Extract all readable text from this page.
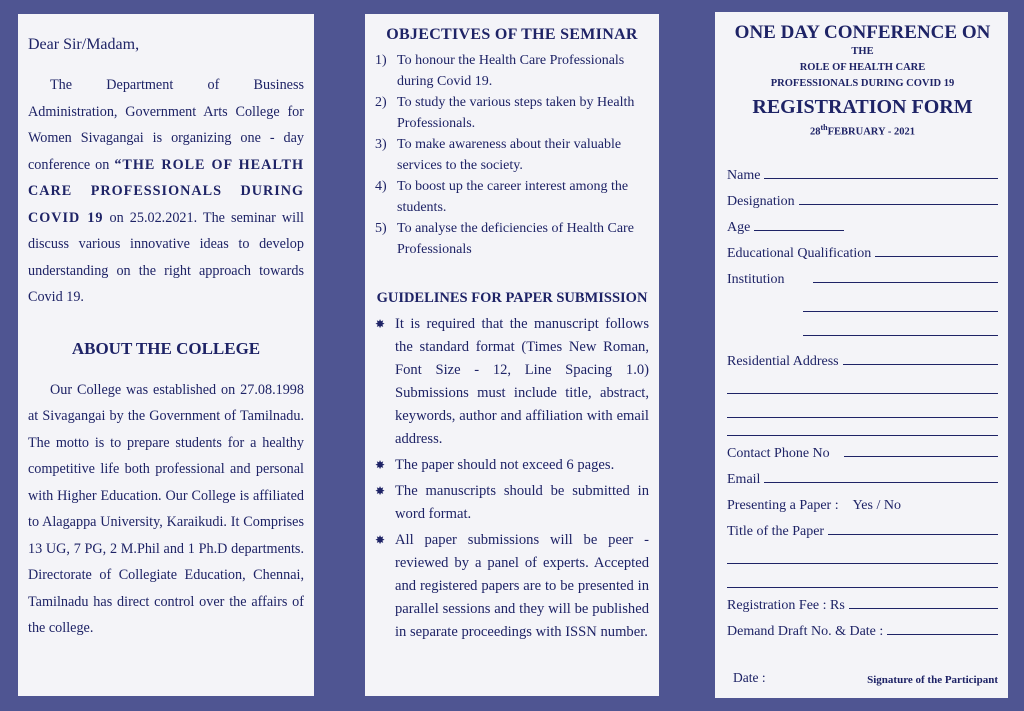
Dear Sir/Madam,

The Department of Business Administration, Government Arts College for Women Sivagangai is organizing one - day conference on “THE ROLE OF HEALTH CARE PROFESSIONALS DURING COVID 19 on 25.02.2021. The seminar will discuss various innovative ideas to develop understanding on the right approach towards Covid 19.

ABOUT THE COLLEGE

Our College was established on 27.08.1998 at Sivagangai by the Government of Tamilnadu. The motto is to prepare students for a healthy competitive life both professional and personal with Higher Education. Our College is affiliated to Alagappa University, Karaikudi. It Comprises 13 UG, 7 PG, 2 M.Phil and 1 Ph.D departments. Directorate of Collegiate Education, Chennai, Tamilnadu has direct control over the affairs of the college.

OBJECTIVES OF THE SEMINAR

1) To honour the Health Care Professionals during Covid 19.
2) To study the various steps taken by Health Professionals.
3) To make awareness about their valuable services to the society.
4) To boost up the career interest among the students.
5) To analyse the deficiencies of Health Care Professionals

GUIDELINES FOR PAPER SUBMISSION

✸ It is required that the manuscript follows the standard format (Times New Roman, Font Size - 12, Line Spacing 1.0) Submissions must include title, abstract, keywords, author and affiliation with email address.
✸ The paper should not exceed 6 pages.
✸ The manuscripts should be submitted in word format.
✸ All paper submissions will be peer - reviewed by a panel of experts. Accepted and registered papers are to be presented in parallel sessions and they will be published in separate proceedings with ISSN number.

ONE DAY CONFERENCE ON

THE
ROLE OF HEALTH CARE
PROFESSIONALS DURING COVID 19

REGISTRATION FORM

28thFEBRUARY - 2021
Name
Designation
Age
Educational Qualification
Institution
Residential Address
Contact Phone No
Email
Presenting a Paper : Yes / No
Title of the Paper
Registration Fee : Rs
Demand Draft No. & Date :
Date :	Signature of the Participant
